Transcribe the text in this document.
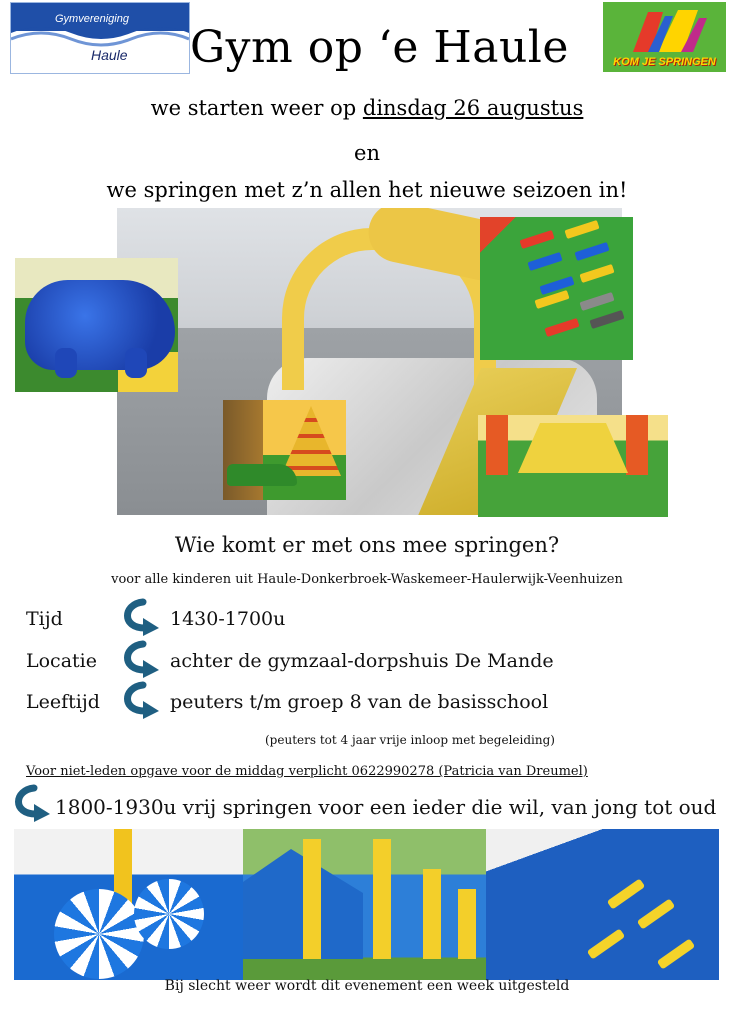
Gymvereniging
Haule	KOM JE SPRINGEN
Gym op ‘e Haule
we starten weer op dinsdag 26 augustus
en
we springen met z’n allen het nieuwe seizoen in!
Wie komt er met ons mee springen?
voor alle kinderen uit Haule-Donkerbroek-Waskemeer-Haulerwijk-Veenhuizen
Tijd	1430-1700u
Locatie	achter de gymzaal-dorpshuis De Mande
Leeftijd	peuters t/m groep 8 van de basisschool
(peuters tot 4 jaar vrije inloop met begeleiding)
Voor niet-leden opgave voor de middag verplicht 0622990278 (Patricia van Dreumel)
1800-1930u vrij springen voor een ieder die wil, van jong tot oud
Bij slecht weer wordt dit evenement een week uitgesteld
